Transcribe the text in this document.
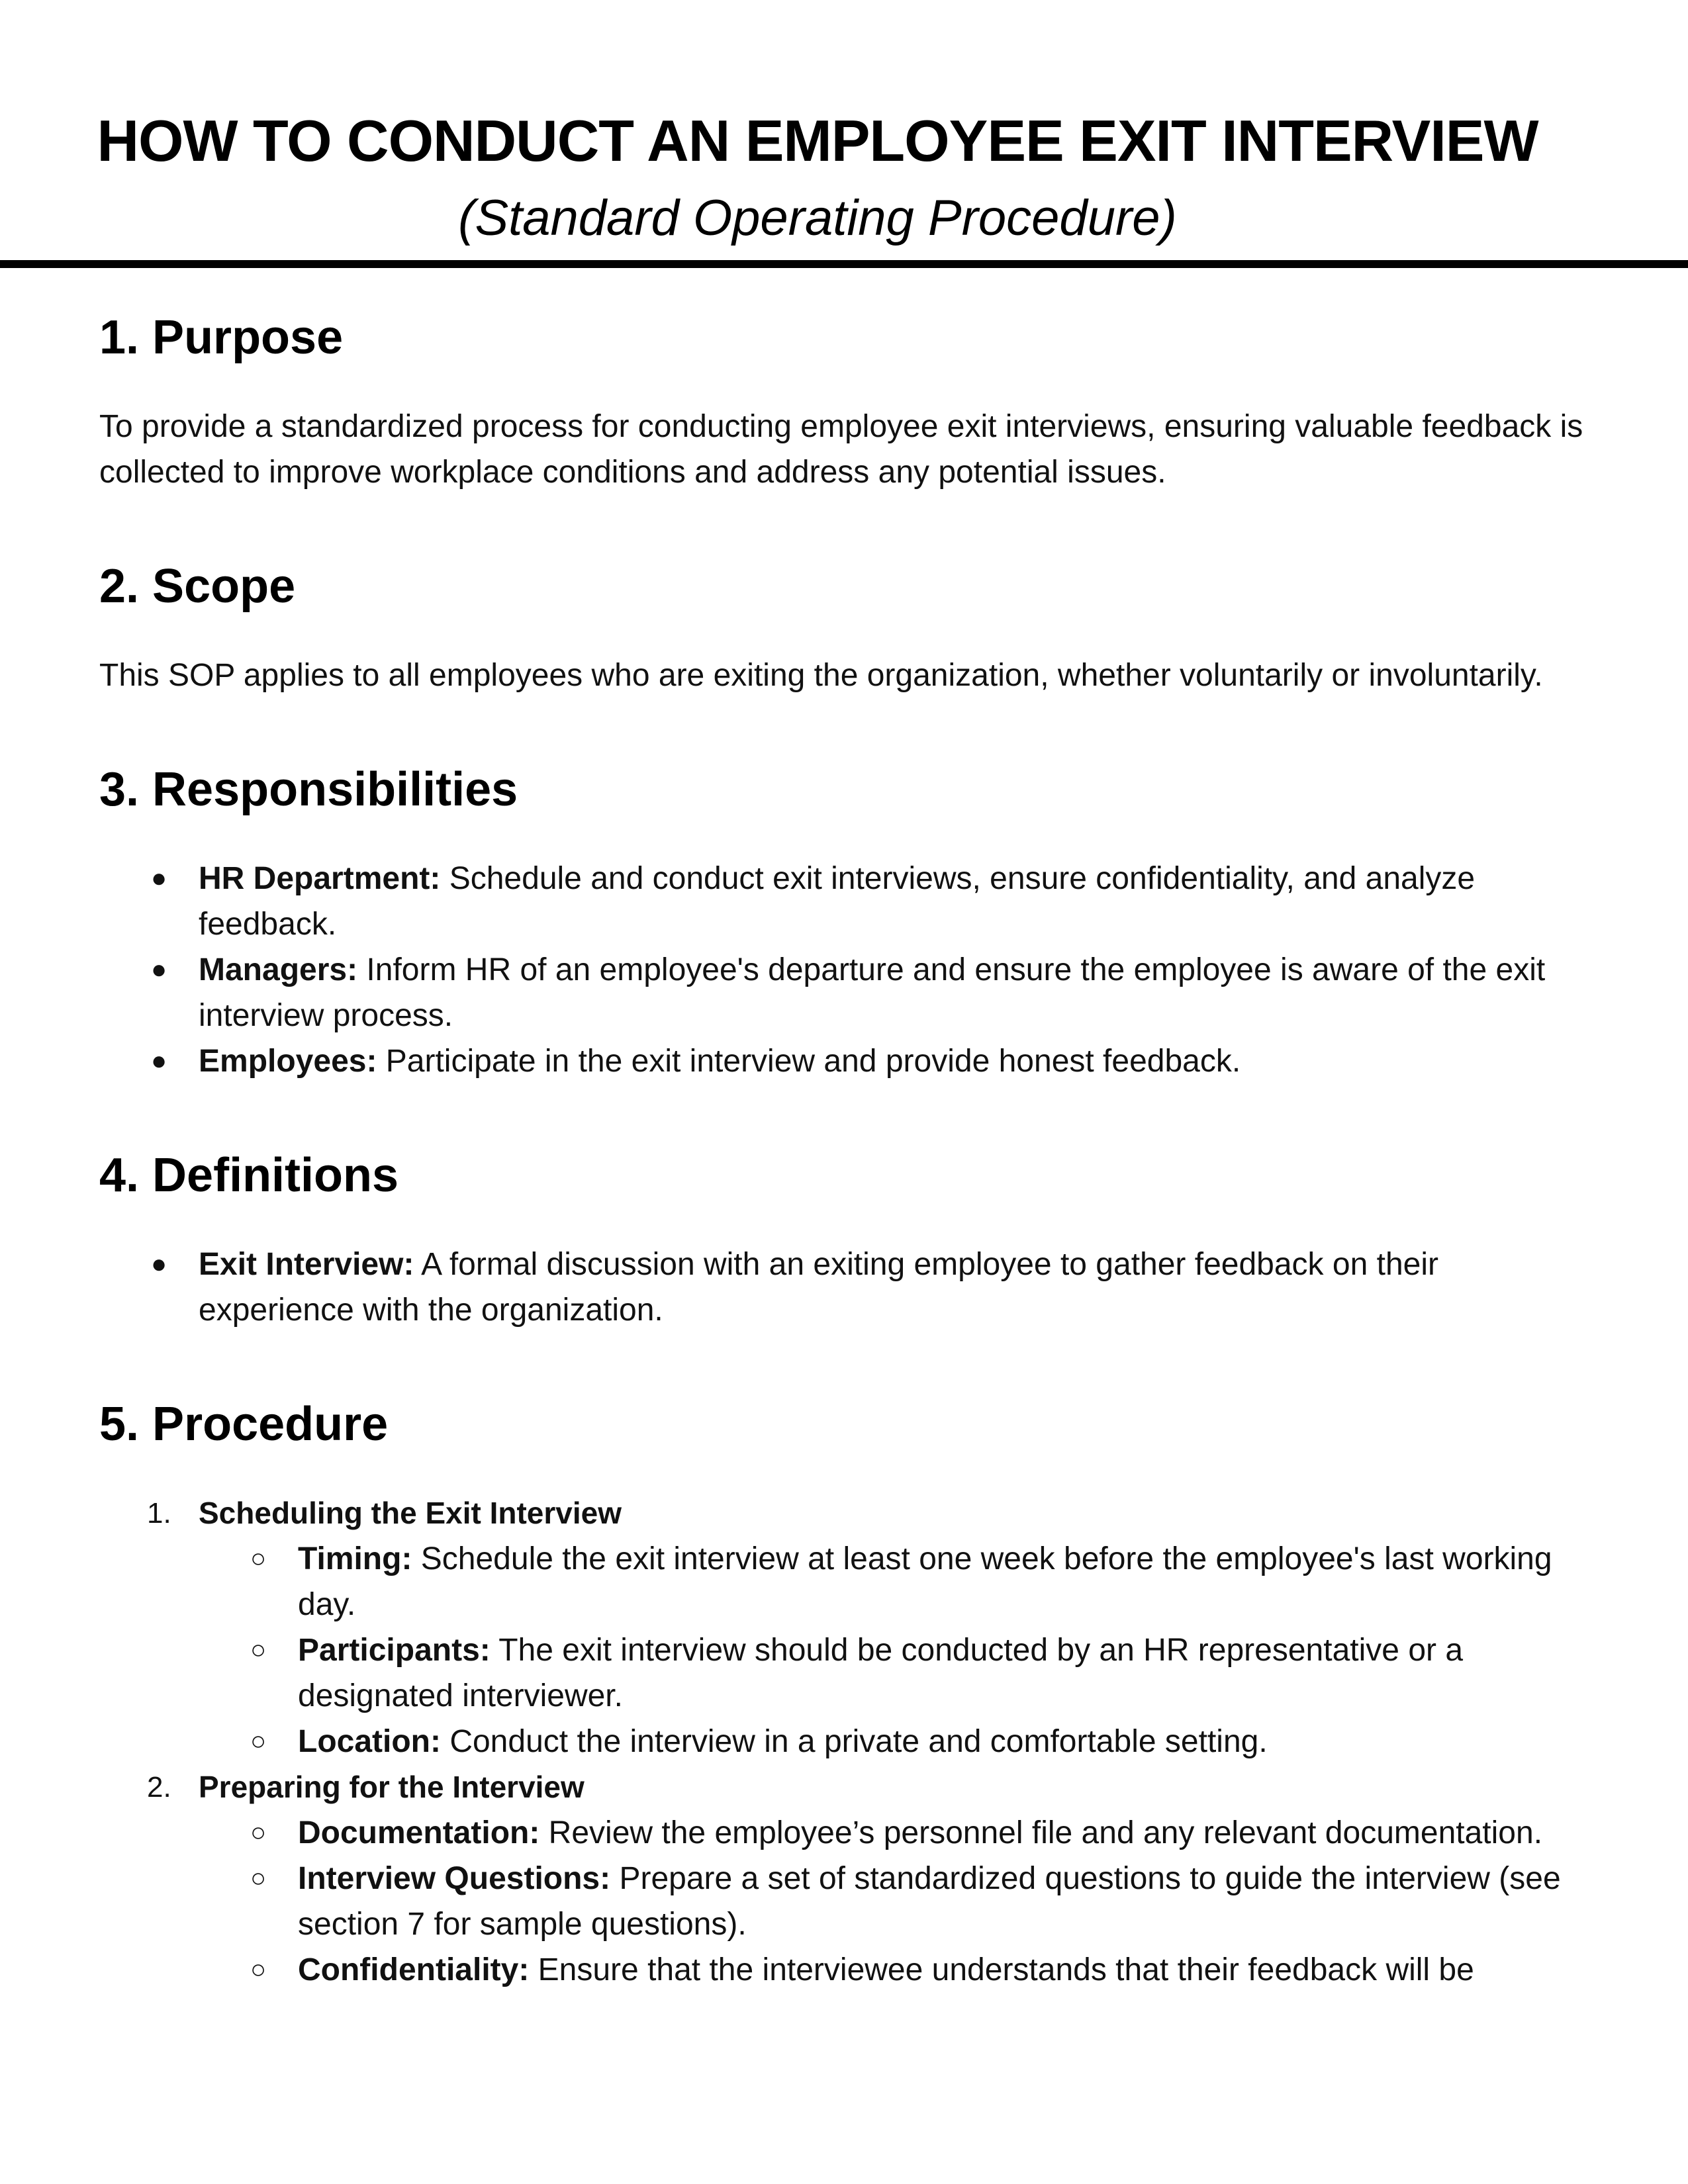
HOW TO CONDUCT AN EMPLOYEE EXIT INTERVIEW
(Standard Operating Procedure)
1. Purpose

To provide a standardized process for conducting employee exit interviews, ensuring valuable feedback is collected to improve workplace conditions and address any potential issues.

2. Scope

This SOP applies to all employees who are exiting the organization, whether voluntarily or involuntarily.

3. Responsibilities
● HR Department: Schedule and conduct exit interviews, ensure confidentiality, and analyze feedback.
● Managers: Inform HR of an employee's departure and ensure the employee is aware of the exit interview process.
● Employees: Participate in the exit interview and provide honest feedback.
4. Definitions
● Exit Interview: A formal discussion with an exiting employee to gather feedback on their experience with the organization.
5. Procedure
1. Scheduling the Exit Interview
○ Timing: Schedule the exit interview at least one week before the employee's last working day.
○ Participants: The exit interview should be conducted by an HR representative or a designated interviewer.
○ Location: Conduct the interview in a private and comfortable setting.
2. Preparing for the Interview
○ Documentation: Review the employee’s personnel file and any relevant documentation.
○ Interview Questions: Prepare a set of standardized questions to guide the interview (see section 7 for sample questions).
○ Confidentiality: Ensure that the interviewee understands that their feedback will be
